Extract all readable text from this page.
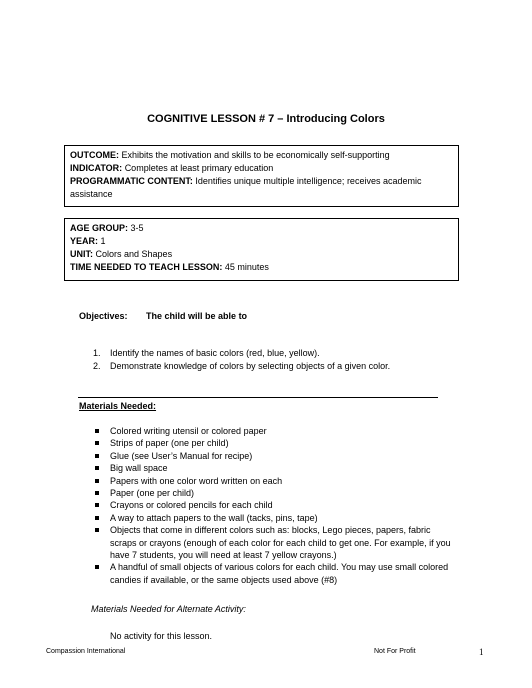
COGNITIVE LESSON # 7 – Introducing Colors
OUTCOME: Exhibits the motivation and skills to be economically self-supporting
INDICATOR: Completes at least primary education
PROGRAMMATIC CONTENT: Identifies unique multiple intelligence; receives academic assistance
AGE GROUP: 3-5
YEAR: 1
UNIT: Colors and Shapes
TIME NEEDED TO TEACH LESSON: 45 minutes
Objectives: The child will be able to
1. Identify the names of basic colors (red, blue, yellow).
2. Demonstrate knowledge of colors by selecting objects of a given color.
Materials Needed:
Colored writing utensil or colored paper
Strips of paper (one per child)
Glue (see User’s Manual for recipe)
Big wall space
Papers with one color word written on each
Paper (one per child)
Crayons or colored pencils for each child
A way to attach papers to the wall (tacks, pins, tape)
Objects that come in different colors such as: blocks, Lego pieces, papers, fabric scraps or crayons (enough of each color for each child to get one. For example, if you have 7 students, you will need at least 7 yellow crayons.)
A handful of small objects of various colors for each child. You may use small colored candies if available, or the same objects used above (#8)
Materials Needed for Alternate Activity:
No activity for this lesson.
Compassion International	Not For Profit	1
